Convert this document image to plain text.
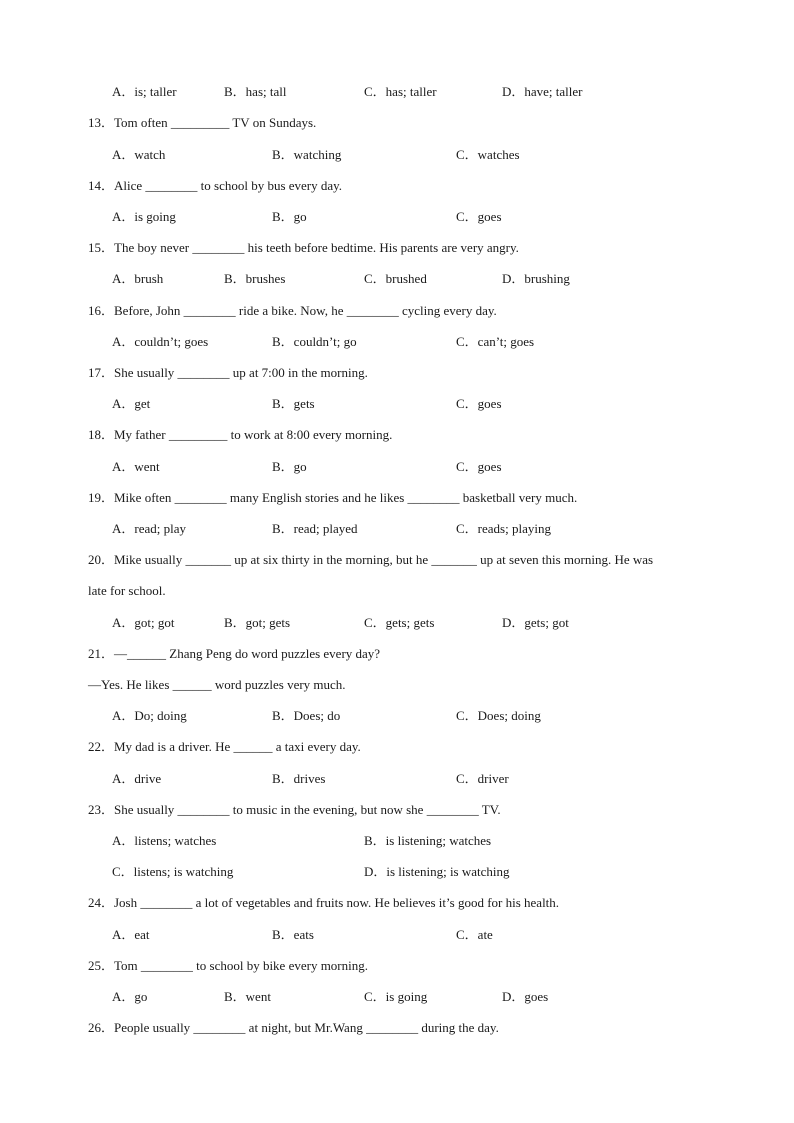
A．is; taller	B．has; tall	C．has; taller	D．have; taller
13．Tom often _________ TV on Sundays.
A．watch	B．watching	C．watches
14．Alice ________ to school by bus every day.
A．is going	B．go	C．goes
15．The boy never ________ his teeth before bedtime. His parents are very angry.
A．brush	B．brushes	C．brushed	D．brushing
16．Before, John ________ ride a bike. Now, he ________ cycling every day.
A．couldn’t; goes	B．couldn’t; go	C．can’t; goes
17．She usually ________ up at 7:00 in the morning.
A．get	B．gets	C．goes
18．My father _________ to work at 8:00 every morning.
A．went	B．go	C．goes
19．Mike often ________ many English stories and he likes ________ basketball very much.
A．read; play	B．read; played	C．reads; playing
20．Mike usually _______ up at six thirty in the morning, but he _______ up at seven this morning. He was
late for school.
A．got; got	B．got; gets	C．gets; gets	D．gets; got
21．—______ Zhang Peng do word puzzles every day?
—Yes. He likes ______ word puzzles very much.
A．Do; doing	B．Does; do	C．Does; doing
22．My dad is a driver. He ______ a taxi every day.
A．drive	B．drives	C．driver
23．She usually ________ to music in the evening, but now she ________ TV.
A．listens; watches	B．is listening; watches
C．listens; is watching	D．is listening; is watching
24．Josh ________ a lot of vegetables and fruits now. He believes it’s good for his health.
A．eat	B．eats	C．ate
25．Tom ________ to school by bike every morning.
A．go	B．went	C．is going	D．goes
26．People usually ________ at night, but Mr.Wang ________ during the day.
